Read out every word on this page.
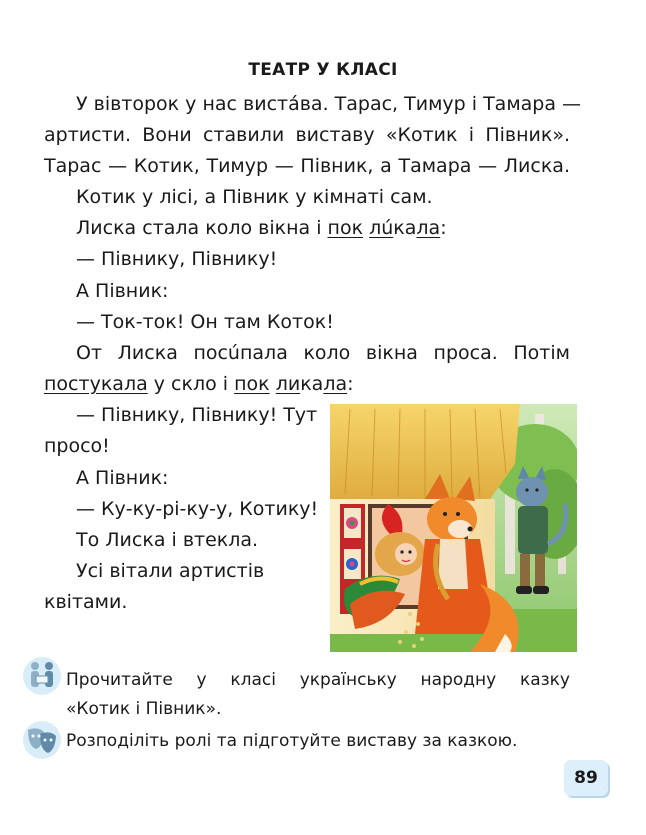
ТЕАТР У КЛАСІ
У вівторок у нас вистáва. Тарас, Тимур і Тамара —
артисти. Вони ставили виставу «Котик і Півник».
Тарас — Котик, Тимур — Півник, а Тамара — Лиска.
Котик у лісі, а Півник у кімнаті сам.
Лиска стала коло вікна і пок лúкала:
— Півнику, Півнику!
А Півник:
— Ток-ток! Он там Коток!
От Лиска посúпала коло вікна проса. Потім
постукала у скло і пок ликала:
— Півнику, Півнику! Тут
просо!
А Півник:
— Ку-ку-рі-ку-у, Котику!
То Лиска і втекла.
Усі вітали артистів
квітами.
Прочитайте у класі українську народну казку
«Котик і Півник».
Розподіліть ролі та підготуйте виставу за казкою.
89
